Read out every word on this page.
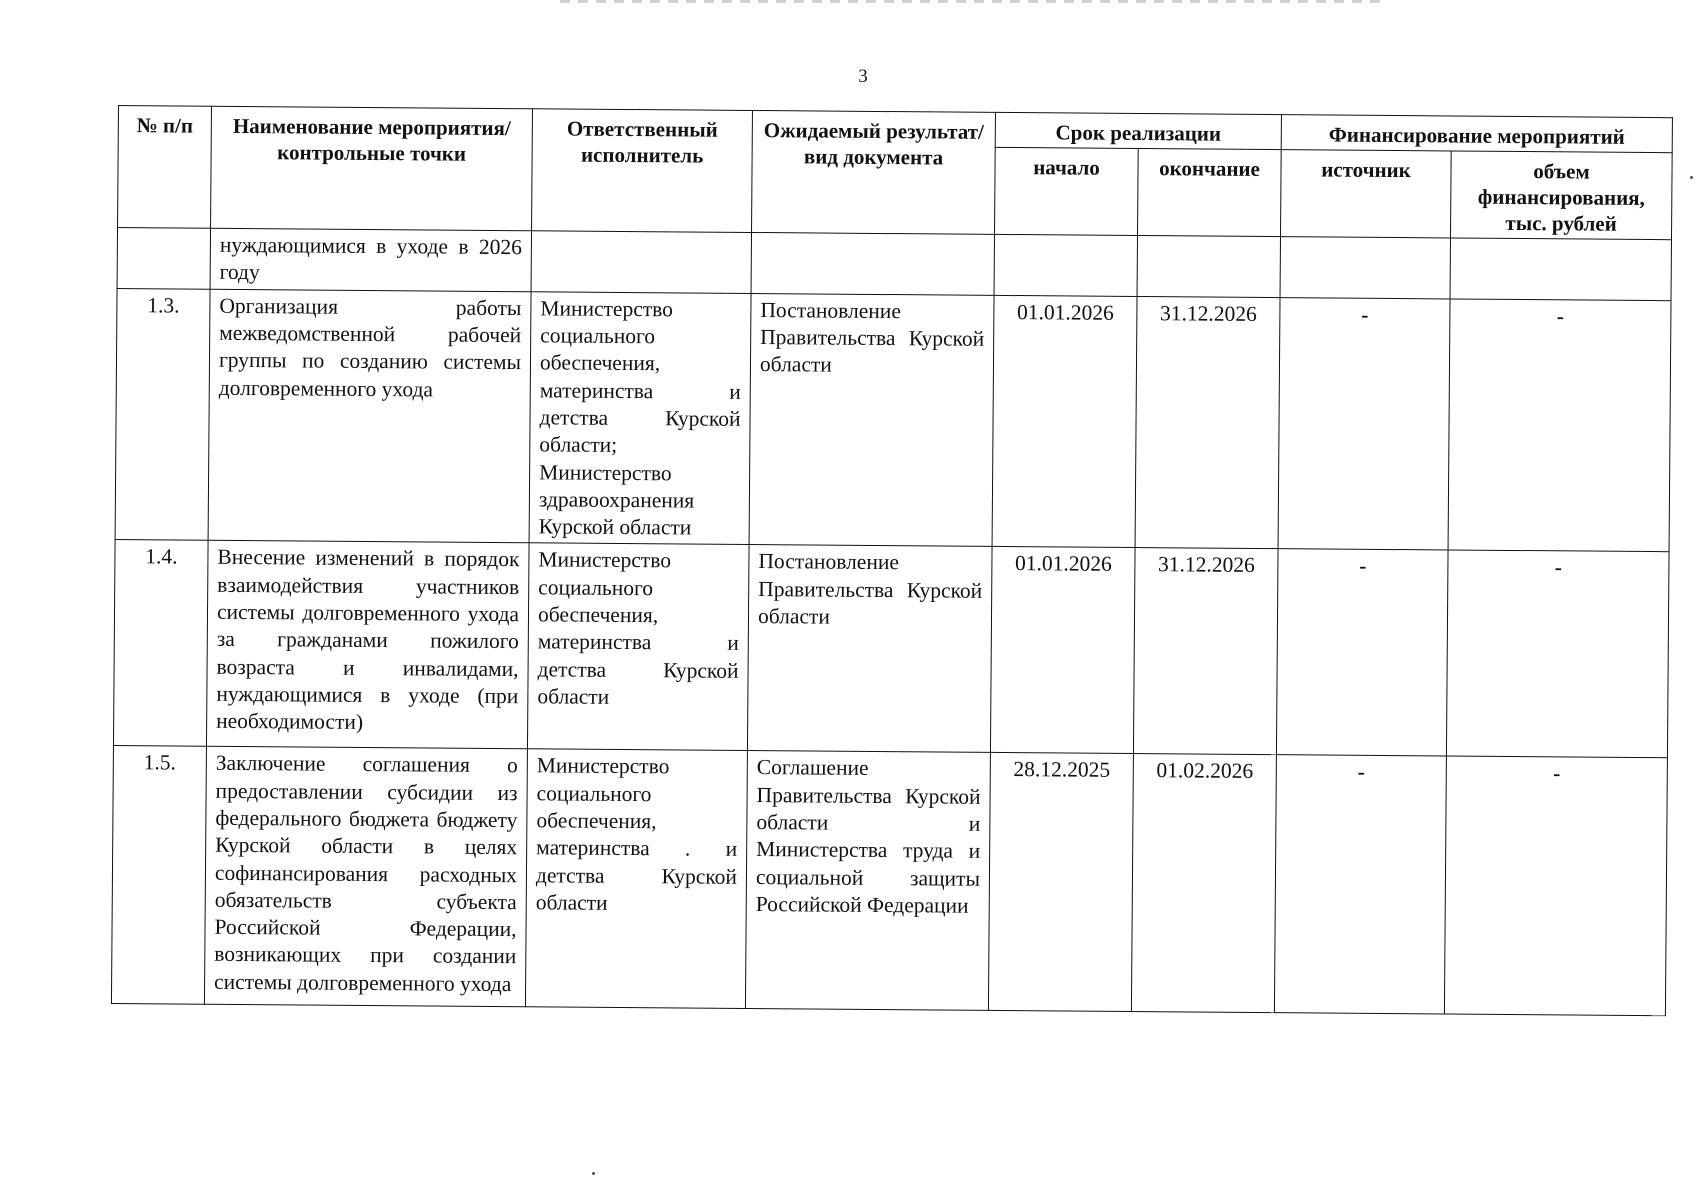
3
№ п/п	Наименование мероприятия/контрольные точки	Ответственный исполнитель	Ожидаемый результат/вид документа	Срок реализации		Финансирование мероприятий	
				начало	окончание	источник	объем финансирования, тыс. рублей
	нуждающимися в уходе в 2026 году						
1.3.	Организация работы межведомственной рабочей группы по созданию системы долговременного ухода	Министерство социального обеспечения, материнства и детства Курской области; Министерство здравоохранения Курской области	Постановление Правительства Курской области	01.01.2026	31.12.2026	-	-
1.4.	Внесение изменений в порядок взаимодействия участников системы долговременного ухода за гражданами пожилого возраста и инвалидами, нуждающимися в уходе (при необходимости)	Министерство социального обеспечения, материнства и детства Курской области	Постановление Правительства Курской области	01.01.2026	31.12.2026	-	-
1.5.	Заключение соглашения о предоставлении субсидии из федерального бюджета бюджету Курской области в целях софинансирования расходных обязательств субъекта Российской Федерации, возникающих при создании системы долговременного ухода	Министерство социального обеспечения, материнства . и детства Курской области	Соглашение Правительства Курской области и Министерства труда и социальной защиты Российской Федерации	28.12.2025	01.02.2026	-	-
